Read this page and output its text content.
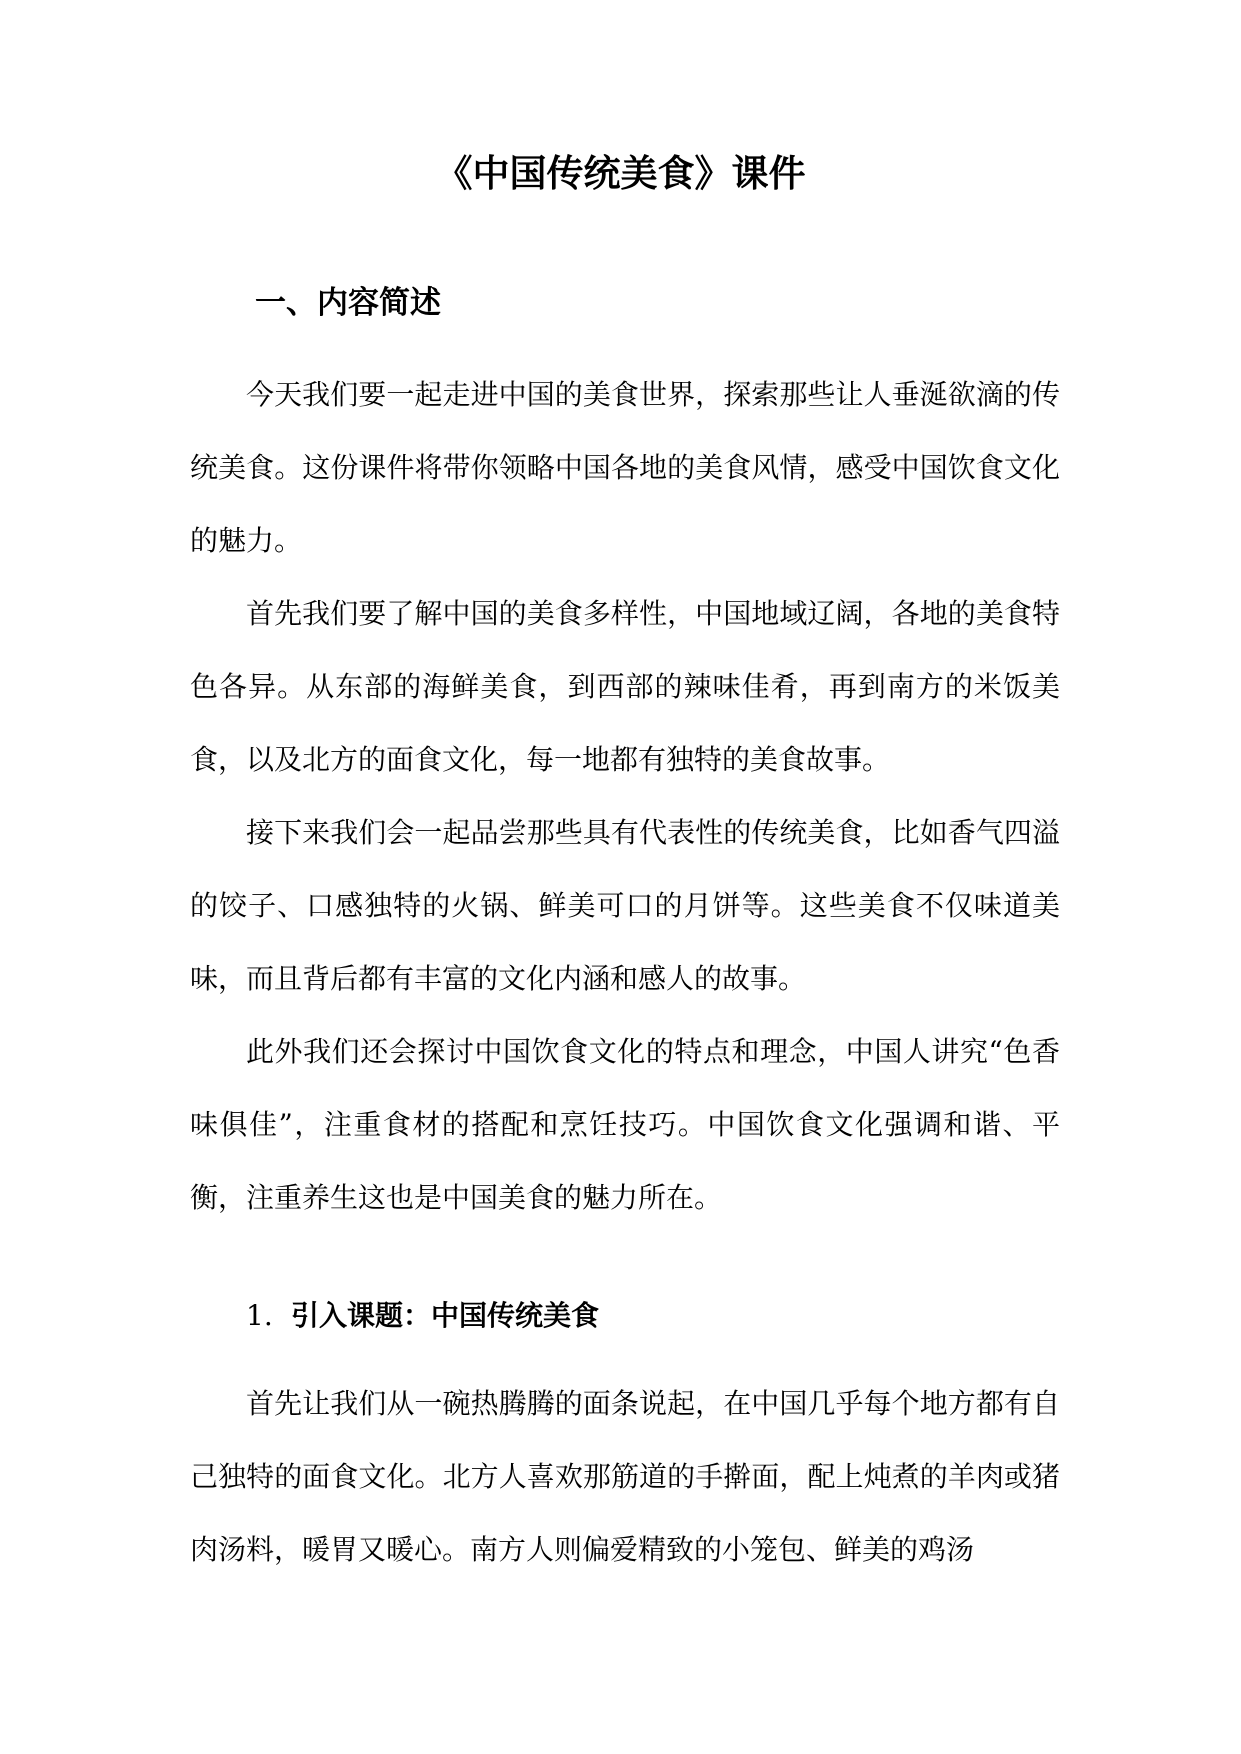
《中国传统美食》课件
一、内容简述

今天我们要一起走进中国的美食世界，探索那些让人垂涎欲滴的传统美食。这份课件将带你领略中国各地的美食风情，感受中国饮食文化的魅力。

首先我们要了解中国的美食多样性，中国地域辽阔，各地的美食特色各异。从东部的海鲜美食，到西部的辣味佳肴，再到南方的米饭美食，以及北方的面食文化，每一地都有独特的美食故事。

接下来我们会一起品尝那些具有代表性的传统美食，比如香气四溢的饺子、口感独特的火锅、鲜美可口的月饼等。这些美食不仅味道美味，而且背后都有丰富的文化内涵和感人的故事。

此外我们还会探讨中国饮食文化的特点和理念，中国人讲究“色香味俱佳”，注重食材的搭配和烹饪技巧。中国饮食文化强调和谐、平衡，注重养生这也是中国美食的魅力所在。

1. 引入课题：中国传统美食

首先让我们从一碗热腾腾的面条说起，在中国几乎每个地方都有自己独特的面食文化。北方人喜欢那筋道的手擀面，配上炖煮的羊肉或猪肉汤料，暖胃又暖心。南方人则偏爱精致的小笼包、鲜美的鸡汤
